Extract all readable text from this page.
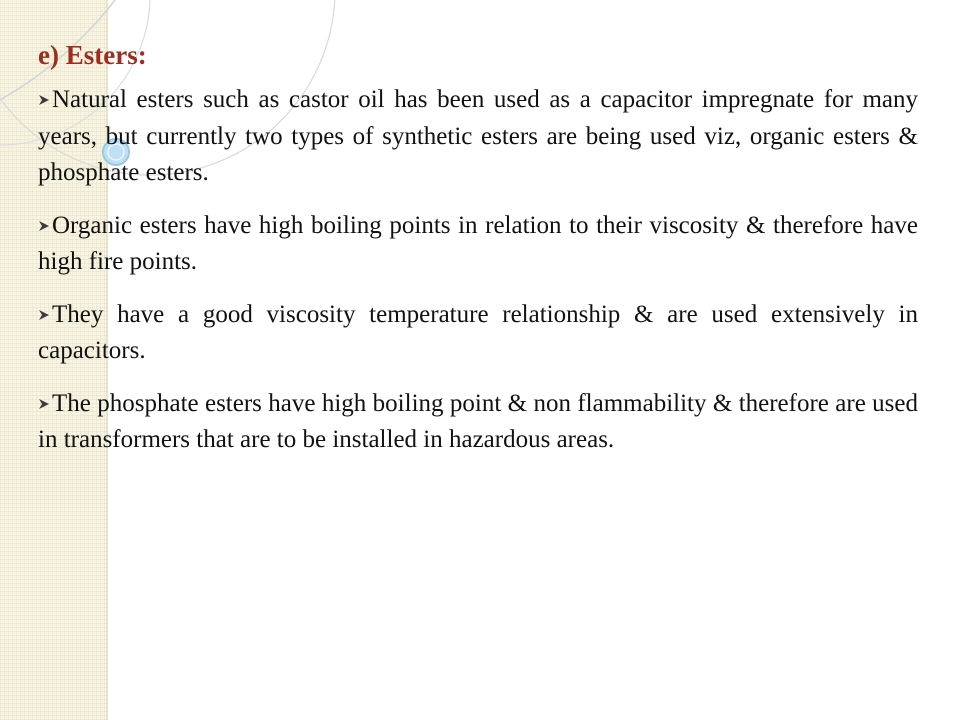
e) Esters:
Natural esters such as castor oil has been used as a capacitor impregnate for many years, but currently two types of synthetic esters are being used viz, organic esters & phosphate esters.
Organic esters have high boiling points in relation to their viscosity & therefore have high fire points.
They have a good viscosity temperature relationship & are used extensively in capacitors.
The phosphate esters have high boiling point & non flammability & therefore are used in transformers that are to be installed in hazardous areas.
